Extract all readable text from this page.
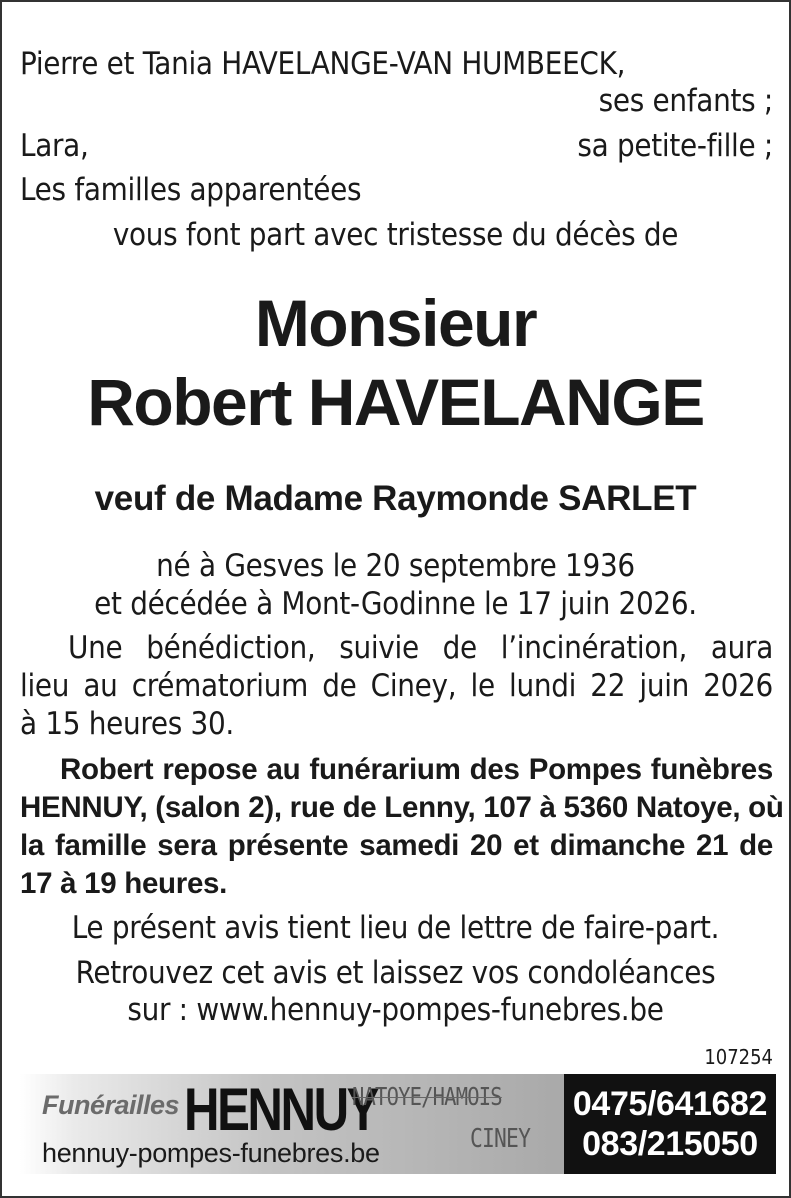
Pierre et Tania HAVELANGE-VAN HUMBEECK,
ses enfants ;
Lara,	sa petite-fille ;
Les familles apparentées
vous font part avec tristesse du décès de
Monsieur
Robert HAVELANGE
veuf de Madame Raymonde SARLET
né à Gesves le 20 septembre 1936
et décédée à Mont-Godinne le 17 juin 2026.
Une bénédiction, suivie de l’incinération, aura
lieu au crématorium de Ciney, le lundi 22 juin 2026
à 15 heures 30.
Robert repose au funérarium des Pompes funèbres
HENNUY, (salon 2), rue de Lenny, 107 à 5360 Natoye, où
la famille sera présente samedi 20 et dimanche 21 de
17 à 19 heures.
Le présent avis tient lieu de lettre de faire-part.
Retrouvez cet avis et laissez vos condoléances
sur : www.hennuy-pompes-funebres.be
107254
Funérailles HENNUY
NATOYE/HAMOIS
CINEY
hennuy-pompes-funebres.be
0475/641682
083/215050
